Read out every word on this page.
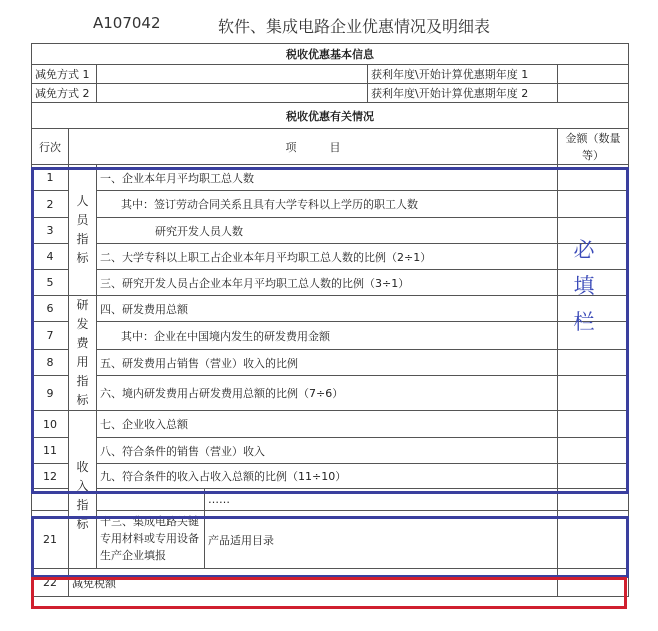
A107042	软件、集成电路企业优惠情况及明细表
税收优惠基本信息					
减免方式 1				获利年度\开始计算优惠期年度 1	
减免方式 2				获利年度\开始计算优惠期年度 2	
税收优惠有关情况					
行次	项　　　目				金额（数量等）
1	人员指标	一、企业本年月平均职工总人数			
2		其中：签订劳动合同关系且具有大学专科以上学历的职工人数			
3		研究开发人员人数			
4		二、大学专科以上职工占企业本年月平均职工总人数的比例（2÷1）			
5		三、研究开发人员占企业本年月平均职工总人数的比例（3÷1）			
6	研发费用指标	四、研发费用总额			
7		其中：企业在中国境内发生的研发费用金额			
8		五、研发费用占销售（营业）收入的比例			
9		六、境内研发费用占研发费用总额的比例（7÷6）			
10	收入指标	七、企业收入总额			
11		八、符合条件的销售（营业）收入			
12		九、符合条件的收入占收入总额的比例（11÷10）			
			……		
21		十三、集成电路关键专用材料或专用设备生产企业填报	产品适用目录		
22	减免税额				
必填栏
